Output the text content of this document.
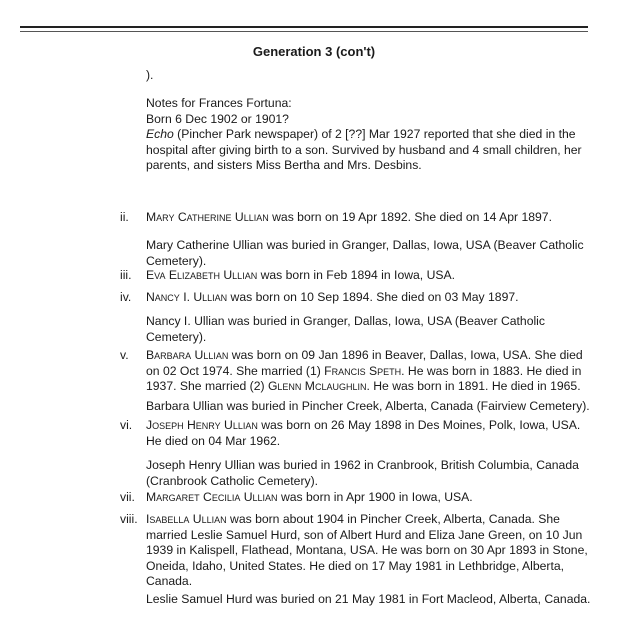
Generation 3 (con't)
).
Notes for Frances Fortuna:
Born 6 Dec 1902 or 1901?
Echo (Pincher Park newspaper) of 2 [??] Mar 1927 reported that she died in the
hospital after giving birth to a son. Survived by husband and 4 small children, her
parents, and sisters Miss Bertha and Mrs. Desbins.
ii. Mary Catherine Ullian was born on 19 Apr 1892. She died on 14 Apr 1897.
Mary Catherine Ullian was buried in Granger, Dallas, Iowa, USA (Beaver Catholic
Cemetery).
iii. Eva Elizabeth Ullian was born in Feb 1894 in Iowa, USA.
iv. Nancy I. Ullian was born on 10 Sep 1894. She died on 03 May 1897.
Nancy I. Ullian was buried in Granger, Dallas, Iowa, USA (Beaver Catholic
Cemetery).
v. Barbara Ullian was born on 09 Jan 1896 in Beaver, Dallas, Iowa, USA. She died
on 02 Oct 1974. She married (1) Francis Speth. He was born in 1883. He died in
1937. She married (2) Glenn Mclaughlin. He was born in 1891. He died in 1965.
Barbara Ullian was buried in Pincher Creek, Alberta, Canada (Fairview Cemetery).
vi. Joseph Henry Ullian was born on 26 May 1898 in Des Moines, Polk, Iowa, USA.
He died on 04 Mar 1962.
Joseph Henry Ullian was buried in 1962 in Cranbrook, British Columbia, Canada
(Cranbrook Catholic Cemetery).
vii. Margaret Cecilia Ullian was born in Apr 1900 in Iowa, USA.
viii. Isabella Ullian was born about 1904 in Pincher Creek, Alberta, Canada. She
married Leslie Samuel Hurd, son of Albert Hurd and Eliza Jane Green, on 10 Jun
1939 in Kalispell, Flathead, Montana, USA. He was born on 30 Apr 1893 in Stone,
Oneida, Idaho, United States. He died on 17 May 1981 in Lethbridge, Alberta,
Canada.
Leslie Samuel Hurd was buried on 21 May 1981 in Fort Macleod, Alberta, Canada.
